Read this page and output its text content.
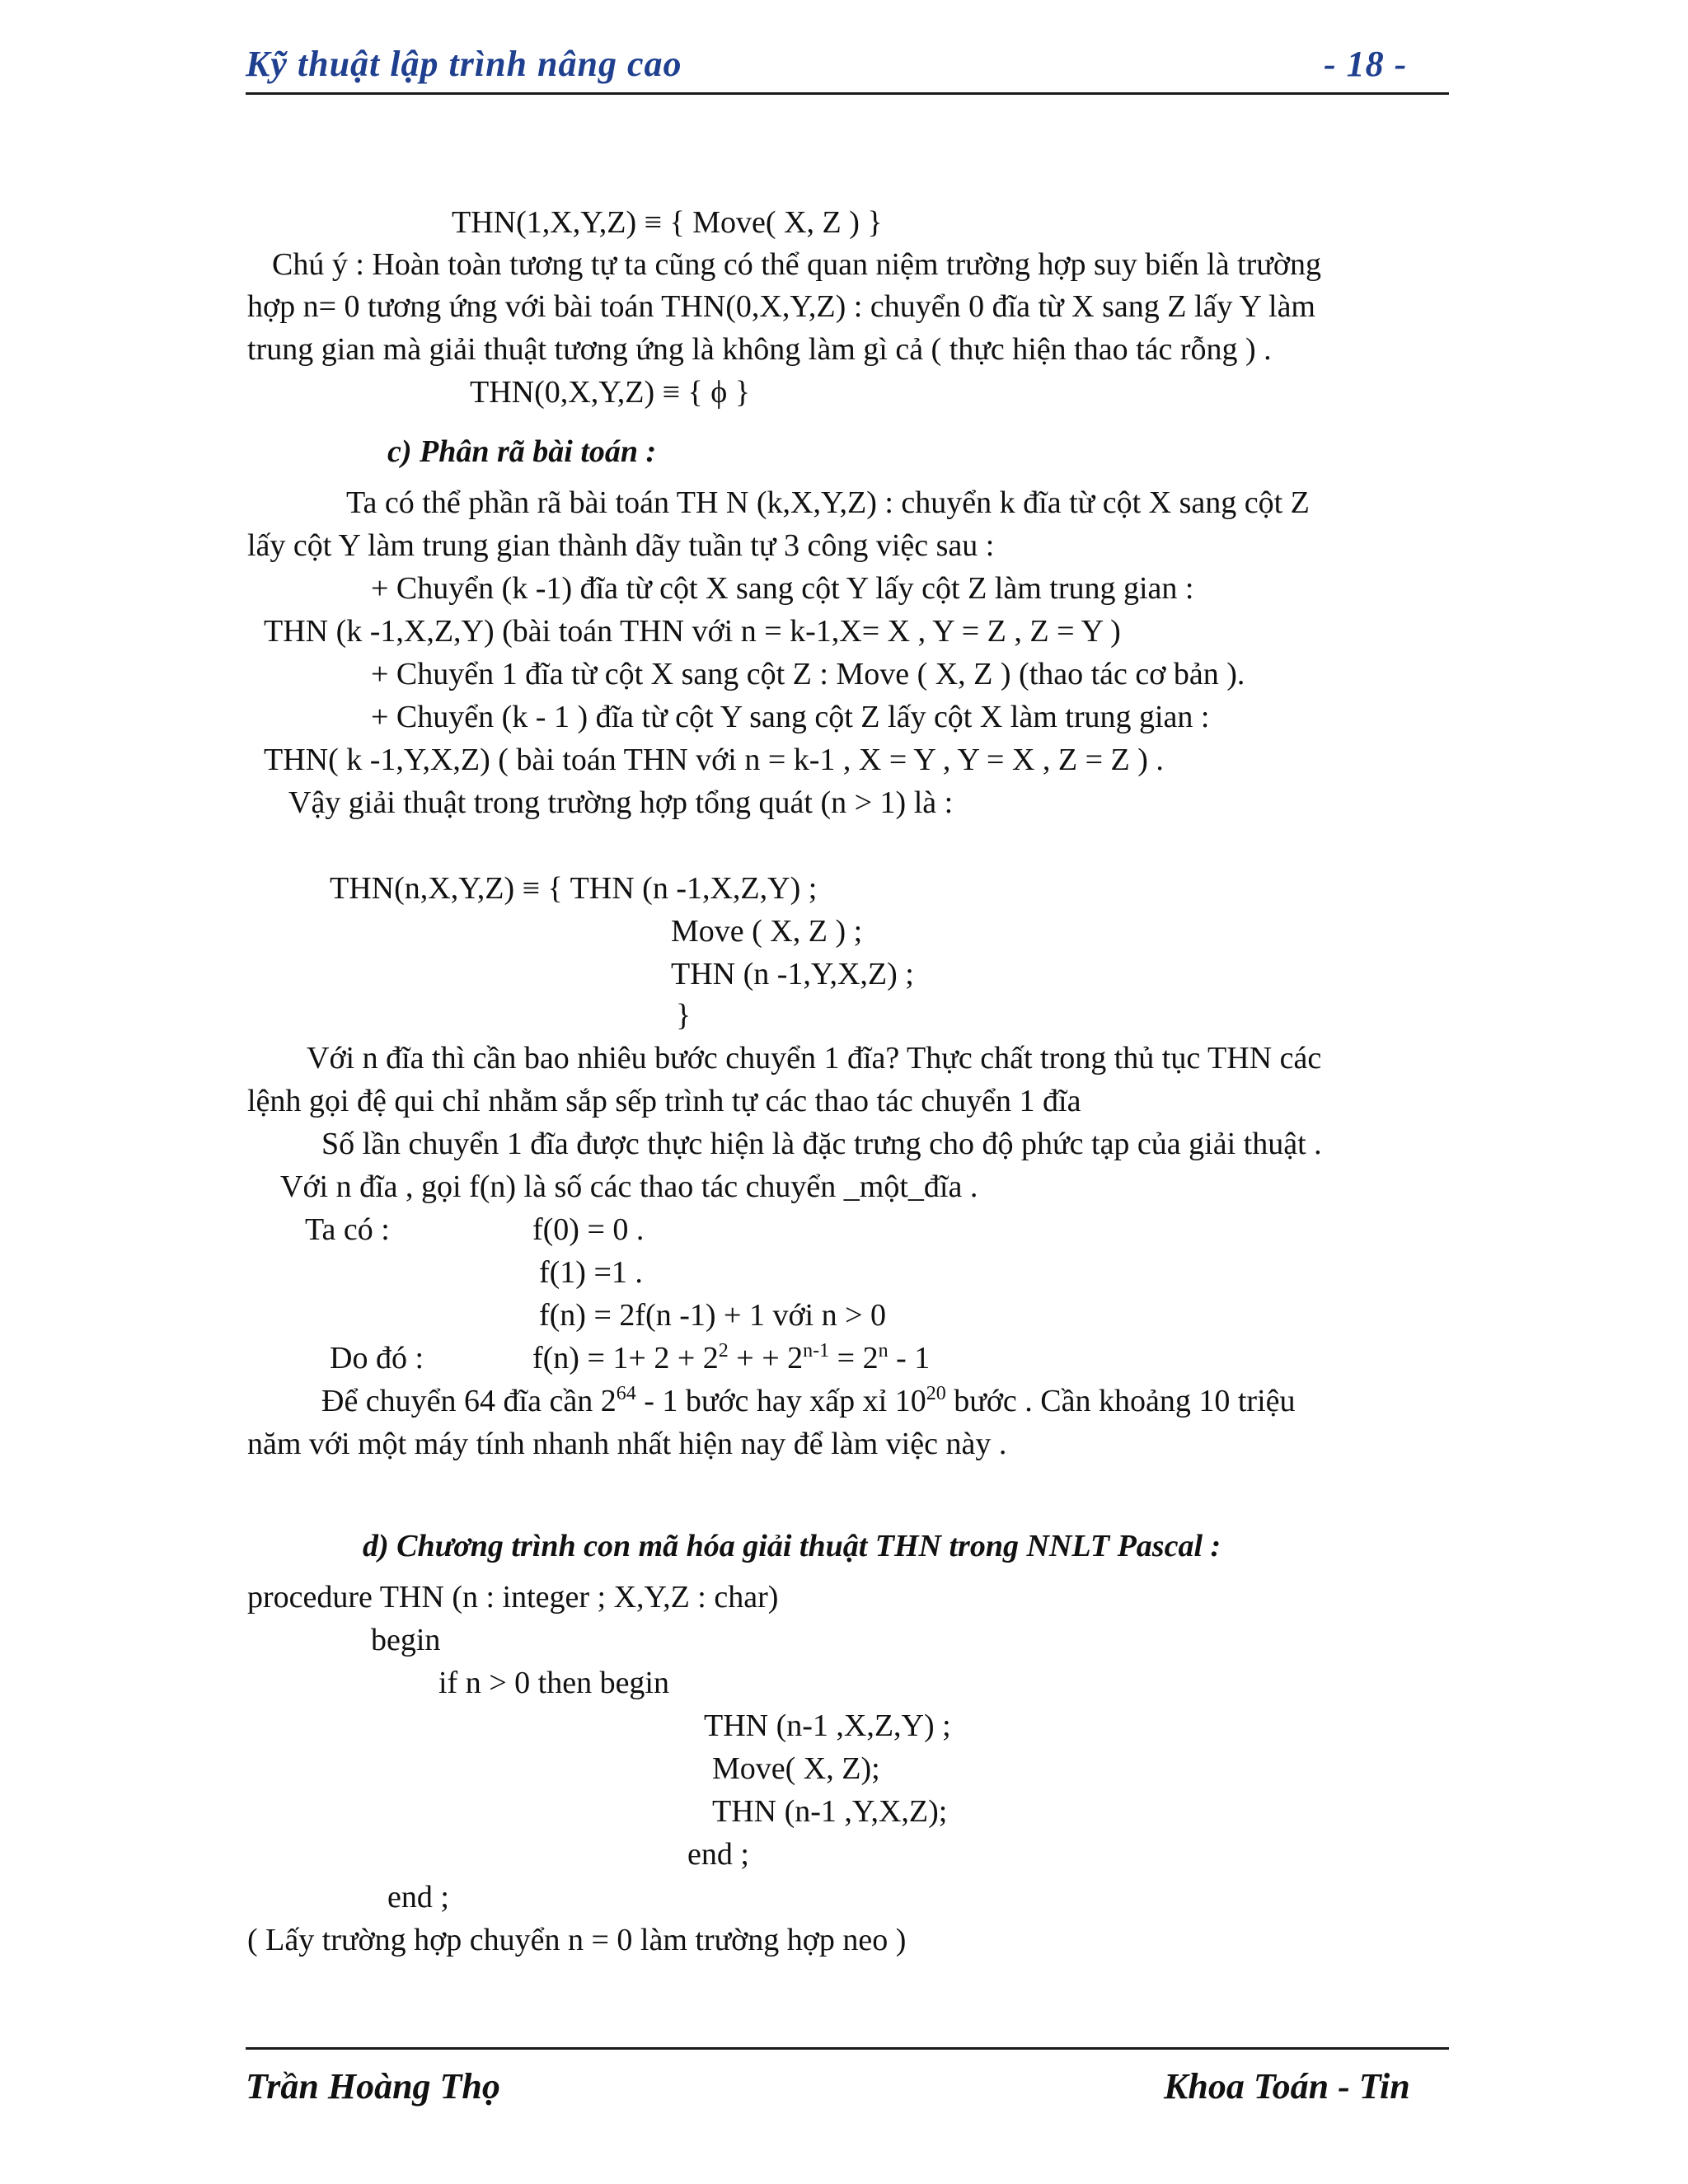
Kỹ thuật lập trình nâng cao	- 18 -
THN(1,X,Y,Z) ≡ { Move( X, Z ) }
Chú ý : Hoàn toàn tương tự ta cũng có thể quan niệm trường hợp suy biến là trường
hợp n= 0 tương ứng với bài toán THN(0,X,Y,Z) : chuyển 0 đĩa từ X sang Z lấy Y làm
trung gian mà giải thuật tương ứng là không làm gì cả ( thực hiện thao tác rỗng ) .
THN(0,X,Y,Z) ≡ { ϕ }
c) Phân rã bài toán :
Ta có thể phần rã bài toán TH N (k,X,Y,Z) : chuyển k đĩa từ cột X sang cột Z
lấy cột Y làm trung gian thành dãy tuần tự 3 công việc sau :
+ Chuyển (k -1) đĩa từ cột X sang cột Y lấy cột Z làm trung gian :
THN (k -1,X,Z,Y) (bài toán THN với n = k-1,X= X , Y = Z , Z = Y )
+ Chuyển 1 đĩa từ cột X sang cột Z : Move ( X, Z ) (thao tác cơ bản ).
+ Chuyển (k - 1 ) đĩa từ cột Y sang cột Z lấy cột X làm trung gian :
THN( k -1,Y,X,Z) ( bài toán THN với n = k-1 , X = Y , Y = X , Z = Z ) .
Vậy giải thuật trong trường hợp tổng quát (n > 1) là :
THN(n,X,Y,Z) ≡ { THN (n -1,X,Z,Y) ;
Move ( X, Z ) ;
THN (n -1,Y,X,Z) ;
}
Với n đĩa thì cần bao nhiêu bước chuyển 1 đĩa? Thực chất trong thủ tục THN các
lệnh gọi đệ qui chỉ nhằm sắp sếp trình tự các thao tác chuyển 1 đĩa
Số lần chuyển 1 đĩa được thực hiện là đặc trưng cho độ phức tạp của giải thuật .
Với n đĩa , gọi f(n) là số các thao tác chuyển _một_đĩa .
Ta có :	f(0) = 0 .
f(1) =1 .
f(n) = 2f(n -1) + 1 với n > 0
Do đó :	$f(n) = 1+ 2 + 2^2$ + + $2^{n-1} = 2^n - 1$
Để chuyển 64 đĩa cần $2^{64} - 1$ bước hay xấp xỉ $10^{20}$ bước . Cần khoảng 10 triệu
năm với một máy tính nhanh nhất hiện nay để làm việc này .
d) Chương trình con mã hóa giải thuật THN trong NNLT Pascal :
procedure THN (n : integer ; X,Y,Z : char)
begin
if n > 0 then begin
THN (n-1 ,X,Z,Y) ;
Move( X, Z);
THN (n-1 ,Y,X,Z);
end ;
end ;
( Lấy trường hợp chuyển n = 0 làm trường hợp neo )
Trần Hoàng Thọ	Khoa Toán - Tin
